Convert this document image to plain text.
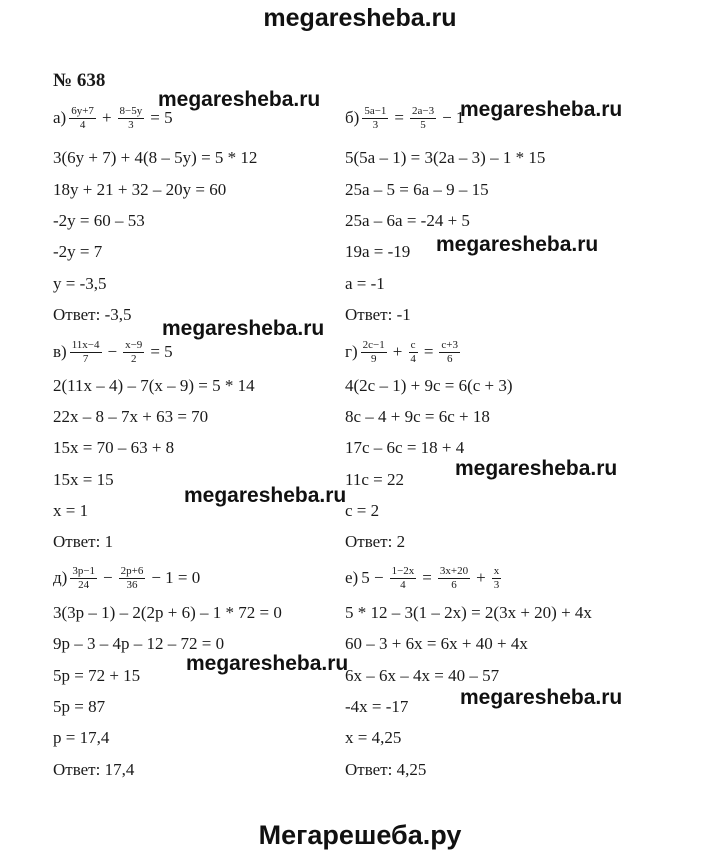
megaresheba.ru
Мегарешеба.ру
№ 638
$а) \frac{6y+7}{4} + \frac{8-5y}{3} = 5$
3(6y + 7) + 4(8 – 5y) = 5 * 12
18y + 21 + 32 – 20y = 60
-2y = 60 – 53
-2y = 7
y = -3,5
Ответ: -3,5
$б) \frac{5a-1}{3} = \frac{2a-3}{5} - 1$
5(5a – 1) = 3(2a – 3) – 1 * 15
25a – 5 = 6a – 9 – 15
25a – 6a = -24 + 5
19a = -19
a = -1
Ответ: -1
$в) \frac{11x-4}{7} - \frac{x-9}{2} = 5$
2(11x – 4) – 7(x – 9) = 5 * 14
22x – 8 – 7x + 63 = 70
15x = 70 – 63 + 8
15x = 15
x = 1
Ответ: 1
$г) \frac{2c-1}{9} + \frac{c}{4} = \frac{c+3}{6}$
4(2c – 1) + 9c = 6(c + 3)
8c – 4 + 9c = 6c + 18
17c – 6c = 18 + 4
11c = 22
c = 2
Ответ: 2
$д) \frac{3p-1}{24} - \frac{2p+6}{36} - 1 = 0$
3(3p – 1) – 2(2p + 6) – 1 * 72 = 0
9p – 3 – 4p – 12 – 72 = 0
5p = 72 + 15
5p = 87
p = 17,4
Ответ: 17,4
е) $5 - \frac{1-2x}{4} = \frac{3x+20}{6} + \frac{x}{3}$
5 * 12 – 3(1 – 2x) = 2(3x + 20) + 4x
60 – 3 + 6x = 6x + 40 + 4x
6x – 6x – 4x = 40 – 57
-4x = -17
x = 4,25
Ответ: 4,25
megaresheba.ru	megaresheba.ru
megaresheba.ru
megaresheba.ru
megaresheba.ru
megaresheba.ru
megaresheba.ru
megaresheba.ru
